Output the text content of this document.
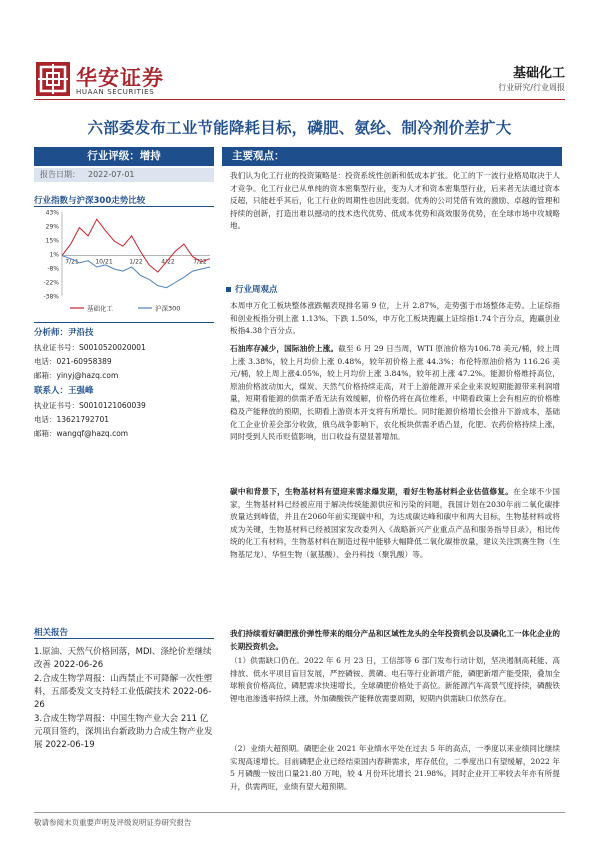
华安证券
HUAAN SECURITIES
基础化工
行业研究/行业周报
六部委发布工业节能降耗目标，磷肥、氨纶、制冷剂价差扩大
行业评级：增持
报告日期： 2022-07-01
主要观点：
行业指数与沪深300走势比较
43%
29%
15%
1%
-8%
-22%
-38%
7/21	10/21	1/22	4/22	7/22
基础化工	沪深300
分析师：尹沿技
执业证书号：S0010520020001
电话：021-60958389
邮箱：yinyj@hazq.com
联系人：王强峰
执业证书号：S0010121060039
电话：13621792701
邮箱：wangqf@hazq.com
相关报告
1.原油、天然气价格回落，MDI、涤纶价差继续改善 2022-06-26
2.合成生物学周报：山西禁止不可降解一次性塑料，五部委发文支持轻工业低碳技术 2022-06-26
3.合成生物学周报：中国生物产业大会 211 亿元项目签约，深圳出台新政助力合成生物产业发展 2022-06-19
我们认为化工行业的投资策略是：投资系统性创新和低成本扩张。化工的下一波行业格局取决于人才竞争。化工行业已从单纯的资本密集型行业，变为人才和资本密集型行业，后来者无法通过资本反超，只能赶乎其后，化工行业的周期性也因此变弱。优秀的公司凭借有效的激励、卓越的管理和持续的创新，打造出难以撼动的技术迭代优势、低成本优势和高效服务优势，在全球市场中攻城略地。
行业周观点
本周申万化工板块整体涨跌幅表现排名第 9 位，上升 2.87%，走势强于市场整体走势。上证综指和创业板指分别上涨 1.13%、下跌 1.50%，申万化工板块跑赢上证综指1.74个百分点，跑赢创业板指4.38个百分点。
石油库存减少，国际油价上涨。截至 6 月 29 日当周，WTI 原油价格为106.78 美元/桶，较上周上涨 3.38%，较上月均价上涨 0.48%，较年初价格上涨 44.3%；布伦特原油价格为 116.26 美元/桶，较上周上涨4.05%，较上月均价上涨 3.84%，较年初上涨 47.2%。能源价格维持高位，原油价格波动加大，煤炭、天然气价格持续走高，对于上游能源开采企业来说短期能源带来利润增量，短期看能源的供需矛盾无法有效缓解，价格仍将在高位维系，中期看政策上会有相应的价格维稳及产能释放的预期，长期看上游资本开支将有所增长。同时能源价格增长会推升下游成本，基础化工企业价差会部分收敛，俄乌战争影响下，农化板块供需矛盾凸显，化肥、农药价格持续上涨，同时受到人民币贬值影响，出口收益有望显著增加。
碳中和背景下，生物基材料有望迎来需求爆发期，看好生物基材料企业估值修复。在全球不少国家，生物基材料已经被应用于解决传统能源供应和污染的问题，我国计划在2030年前二氧化碳排放量达到峰值，并且在2060年前实现碳中和，为达成碳达峰和碳中和两大目标，生物基材料或将成为关键，生物基材料已经被国家发改委列入《战略新兴产业重点产品和服务指导目录》，相比传统的化工有材料，生物基材料在制造过程中能够大幅降低二氧化碳排放量，建议关注凯赛生物（生物基尼龙）、华恒生物（氨基酸）、金丹科技（聚乳酸）等。
我们持续看好磷肥涨价弹性带来的细分产品和区域性龙头的全年投资机会以及磷化工一体化企业的长期投资机会。
（1）供需缺口仍在。2022 年 6 月 23 日，工信部等 6 部门发布行动计划，坚决遏制高耗能、高排放、低水平项目盲目发展，严控磷铵、黄磷、电石等行业新增产能，磷肥新增产能受限，叠加全球粮食价格高位，磷肥需求快速增长，全球磷肥价格处于高位。新能源汽车高景气度持续，磷酸铁锂电池渗透率持续上涨，外加磷酸铁产能释放需要周期，短期内供需缺口依然存在。
（2）业绩大超预期。磷肥企业 2021 年业绩水平处在过去 5 年的高点，一季度以来业绩同比继续实现高速增长。目前磷肥企业已经结束国内春耕需求，库存低位，二季度出口有望缓解，2022 年 5 月磷酸一铵出口量21.80 万吨，较 4 月份环比增长 21.98%。同时企业开工率较去年亦有所提升，供需两旺，业绩有望大超预期。
敬请参阅末页重要声明及评级说明证券研究报告
